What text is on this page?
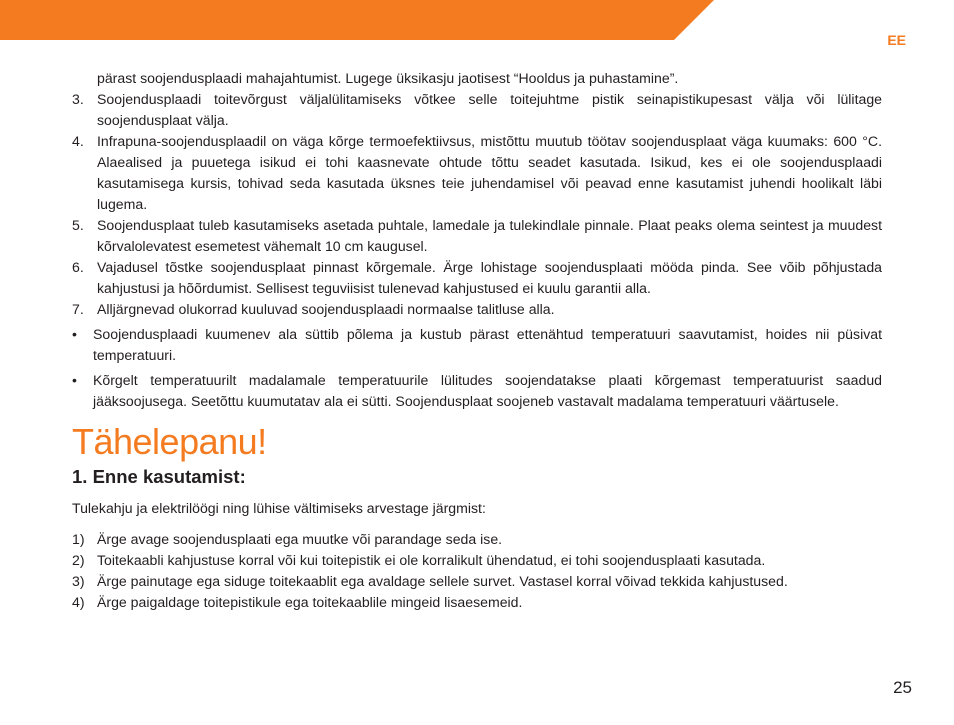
EE
pärast soojendusplaadi mahajahtumist. Lugege üksikasju jaotisest “Hooldus ja puhastamine”.
3. Soojendusplaadi toitevõrgust väljalülitamiseks võtkee selle toitejuhtme pistik seinapistikupesast välja või lülitage soojendusplaat välja.
4. Infrapuna-soojendusplaadil on väga kõrge termoefektiivsus, mistõttu muutub töötav soojendusplaat väga kuumaks: 600 °C. Alaealised ja puuetega isikud ei tohi kaasnevate ohtude tõttu seadet kasutada. Isikud, kes ei ole soojendusplaadi kasutamisega kursis, tohivad seda kasutada üksnes teie juhendamisel või peavad enne kasutamist juhendi hoolikalt läbi lugema.
5. Soojendusplaat tuleb kasutamiseks asetada puhtale, lamedale ja tulekindlale pinnale. Plaat peaks olema seintest ja muudest kõrvalolevatest esemetest vähemalt 10 cm kaugusel.
6. Vajadusel tõstke soojendusplaat pinnast kõrgemale. Ärge lohistage soojendusplaati mööda pinda. See võib põhjustada kahjustusi ja hõõrdumist. Sellisest teguviisist tulenevad kahjustused ei kuulu garantii alla.
7. Alljärgnevad olukorrad kuuluvad soojendusplaadi normaalse talitluse alla.
• Soojendusplaadi kuumenev ala süttib põlema ja kustub pärast ettenähtud temperatuuri saavutamist, hoides nii püsivat temperatuuri.
• Kõrgelt temperatuurilt madalamale temperatuurile lülitudes soojendatakse plaati kõrgemast temperatuurist saadud jääksoojusega. Seetõttu kuumutatav ala ei sütti. Soojendusplaat soojeneb vastavalt madalama temperatuuri väärtusele.
Tähelepanu!
1. Enne kasutamist:

Tulekahju ja elektrilöögi ning lühise vältimiseks arvestage järgmist:

1) Ärge avage soojendusplaati ega muutke või parandage seda ise.
2) Toitekaabli kahjustuse korral või kui toitepistik ei ole korralikult ühendatud, ei tohi soojendusplaati kasutada.
3) Ärge painutage ega siduge toitekaablit ega avaldage sellele survet. Vastasel korral võivad tekkida kahjustused.
4) Ärge paigaldage toitepistikule ega toitekaablile mingeid lisaesemeid.
25
